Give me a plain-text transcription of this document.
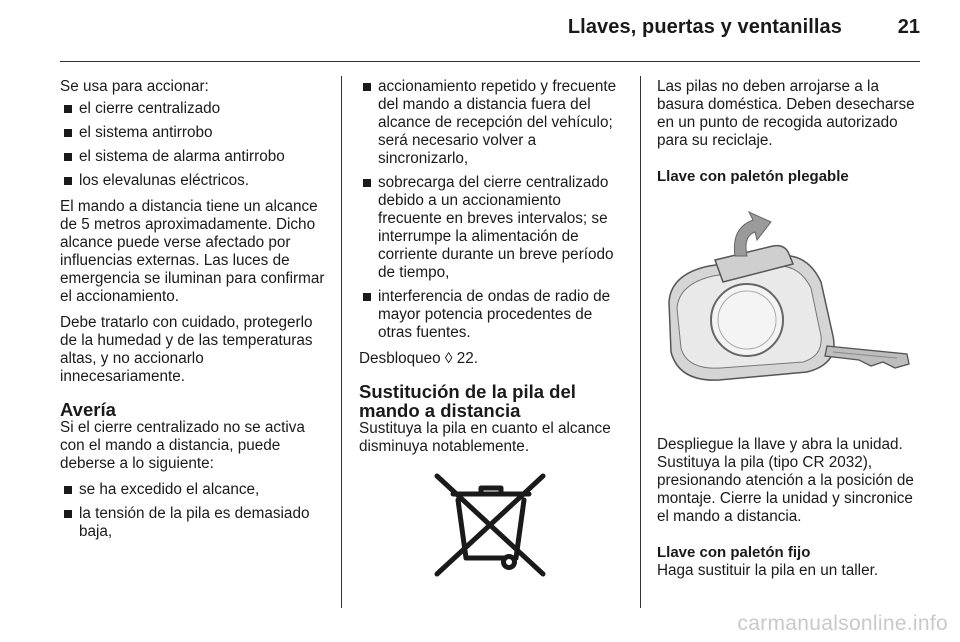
Llaves, puertas y ventanillas	21

Se usa para accionar:

el cierre centralizado
el sistema antirrobo
el sistema de alarma antirrobo
los elevalunas eléctricos.

El mando a distancia tiene un alcance de 5 metros aproximadamente. Dicho alcance puede verse afectado por influencias externas. Las luces de emergencia se iluminan para confirmar el accionamiento.

Debe tratarlo con cuidado, protegerlo de la humedad y de las temperaturas altas, y no accionarlo innecesariamente.

Avería

Si el cierre centralizado no se activa con el mando a distancia, puede deberse a lo siguiente:

se ha excedido el alcance,
la tensión de la pila es demasiado baja,
accionamiento repetido y frecuente del mando a distancia fuera del alcance de recepción del vehículo; será necesario volver a sincronizarlo,
sobrecarga del cierre centralizado debido a un accionamiento frecuente en breves intervalos; se interrumpe la alimentación de corriente durante un breve período de tiempo,
interferencia de ondas de radio de mayor potencia procedentes de otras fuentes.

Desbloqueo ◊ 22.

Sustitución de la pila del mando a distancia

Sustituya la pila en cuanto el alcance disminuya notablemente.

Las pilas no deben arrojarse a la basura doméstica. Deben desecharse en un punto de recogida autorizado para su reciclaje.

Llave con paletón plegable

Despliegue la llave y abra la unidad. Sustituya la pila (tipo CR 2032), presionando atención a la posición de montaje. Cierre la unidad y sincronice el mando a distancia.

Llave con paletón fijo

Haga sustituir la pila en un taller.

carmanualsonline.info
